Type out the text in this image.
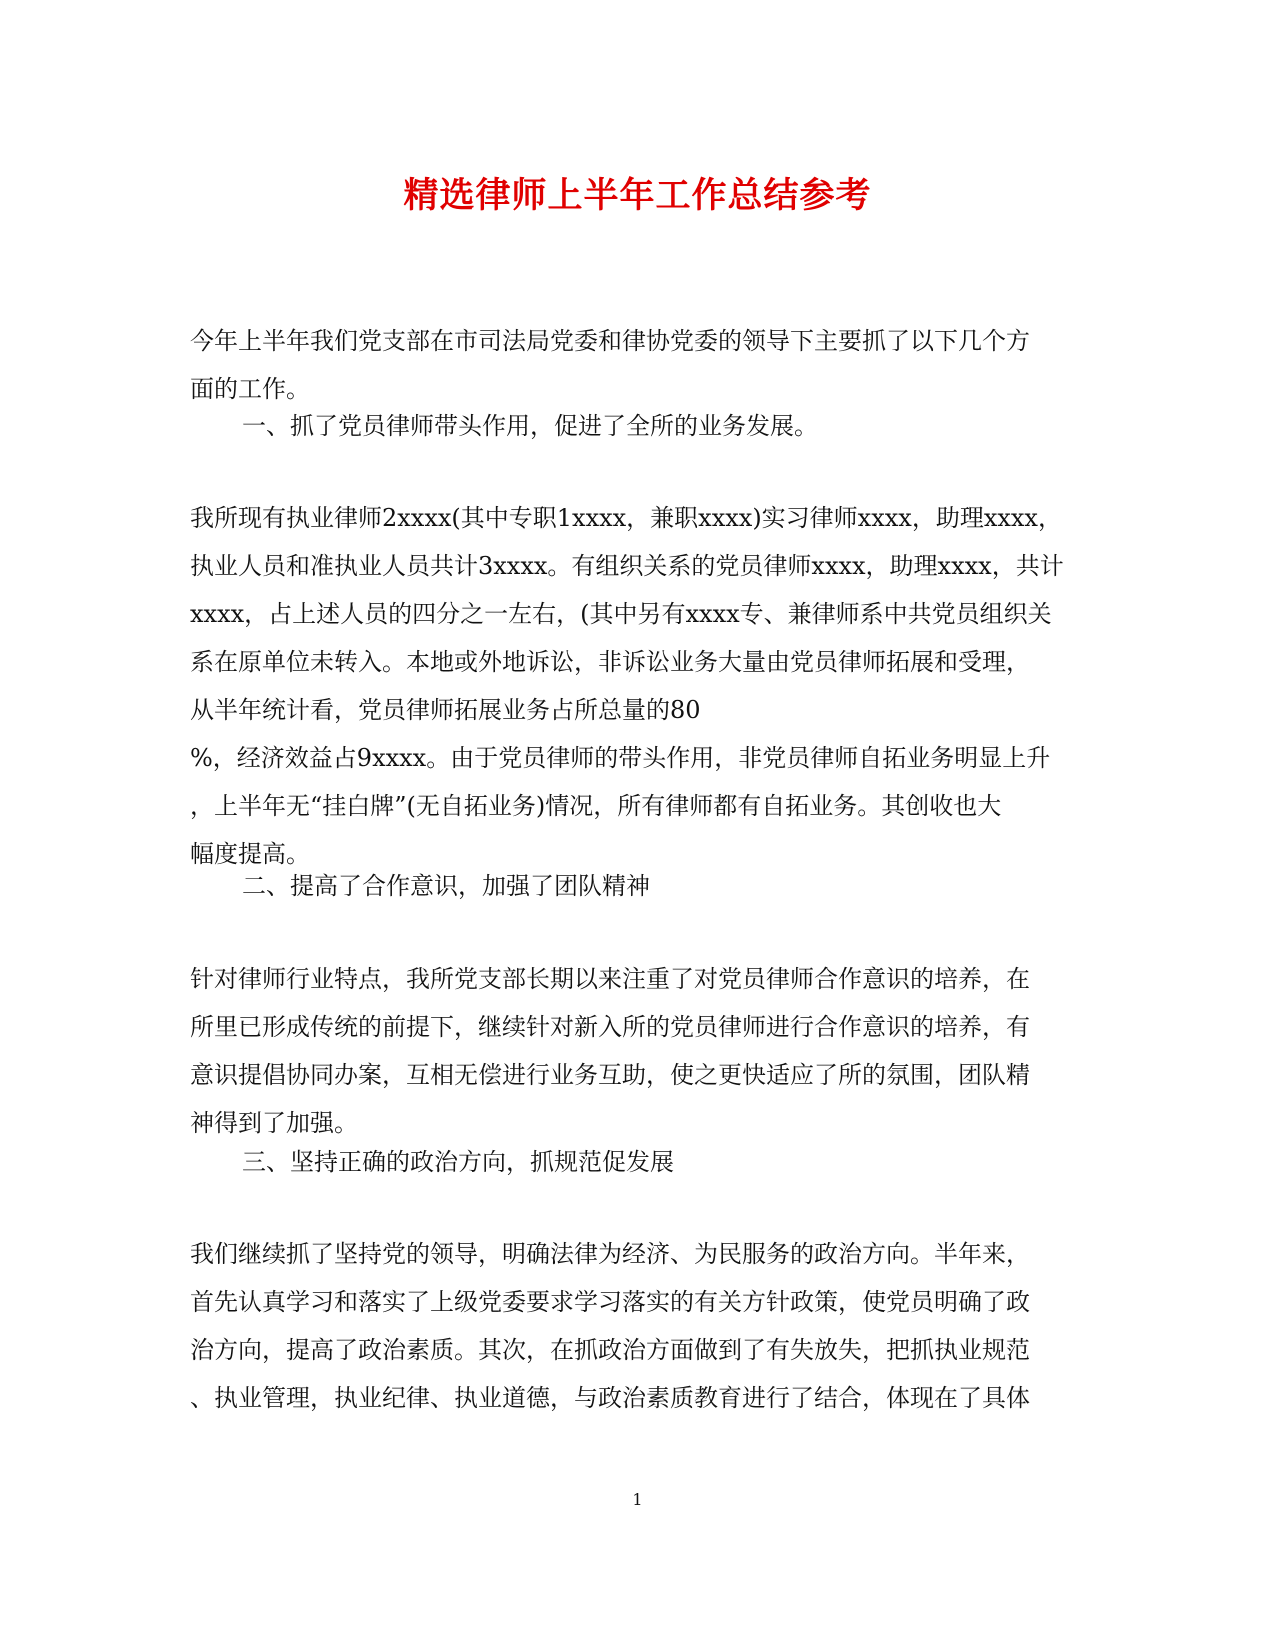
精选律师上半年工作总结参考
今年上半年我们党支部在市司法局党委和律协党委的领导下主要抓了以下几个方
面的工作。
一、抓了党员律师带头作用，促进了全所的业务发展。
我所现有执业律师2xxxx(其中专职1xxxx，兼职xxxx)实习律师xxxx，助理xxxx，
执业人员和准执业人员共计3xxxx。有组织关系的党员律师xxxx，助理xxxx，共计
xxxx，占上述人员的四分之一左右，(其中另有xxxx专、兼律师系中共党员组织关
系在原单位未转入。本地或外地诉讼，非诉讼业务大量由党员律师拓展和受理，
从半年统计看，党员律师拓展业务占所总量的80
%，经济效益占9xxxx。由于党员律师的带头作用，非党员律师自拓业务明显上升
，上半年无“挂白牌”(无自拓业务)情况，所有律师都有自拓业务。其创收也大
幅度提高。
二、提高了合作意识，加强了团队精神
针对律师行业特点，我所党支部长期以来注重了对党员律师合作意识的培养，在
所里已形成传统的前提下，继续针对新入所的党员律师进行合作意识的培养，有
意识提倡协同办案，互相无偿进行业务互助，使之更快适应了所的氛围，团队精
神得到了加强。
三、坚持正确的政治方向，抓规范促发展
我们继续抓了坚持党的领导，明确法律为经济、为民服务的政治方向。半年来，
首先认真学习和落实了上级党委要求学习落实的有关方针政策，使党员明确了政
治方向，提高了政治素质。其次，在抓政治方面做到了有失放失，把抓执业规范
、执业管理，执业纪律、执业道德，与政治素质教育进行了结合，体现在了具体
1
